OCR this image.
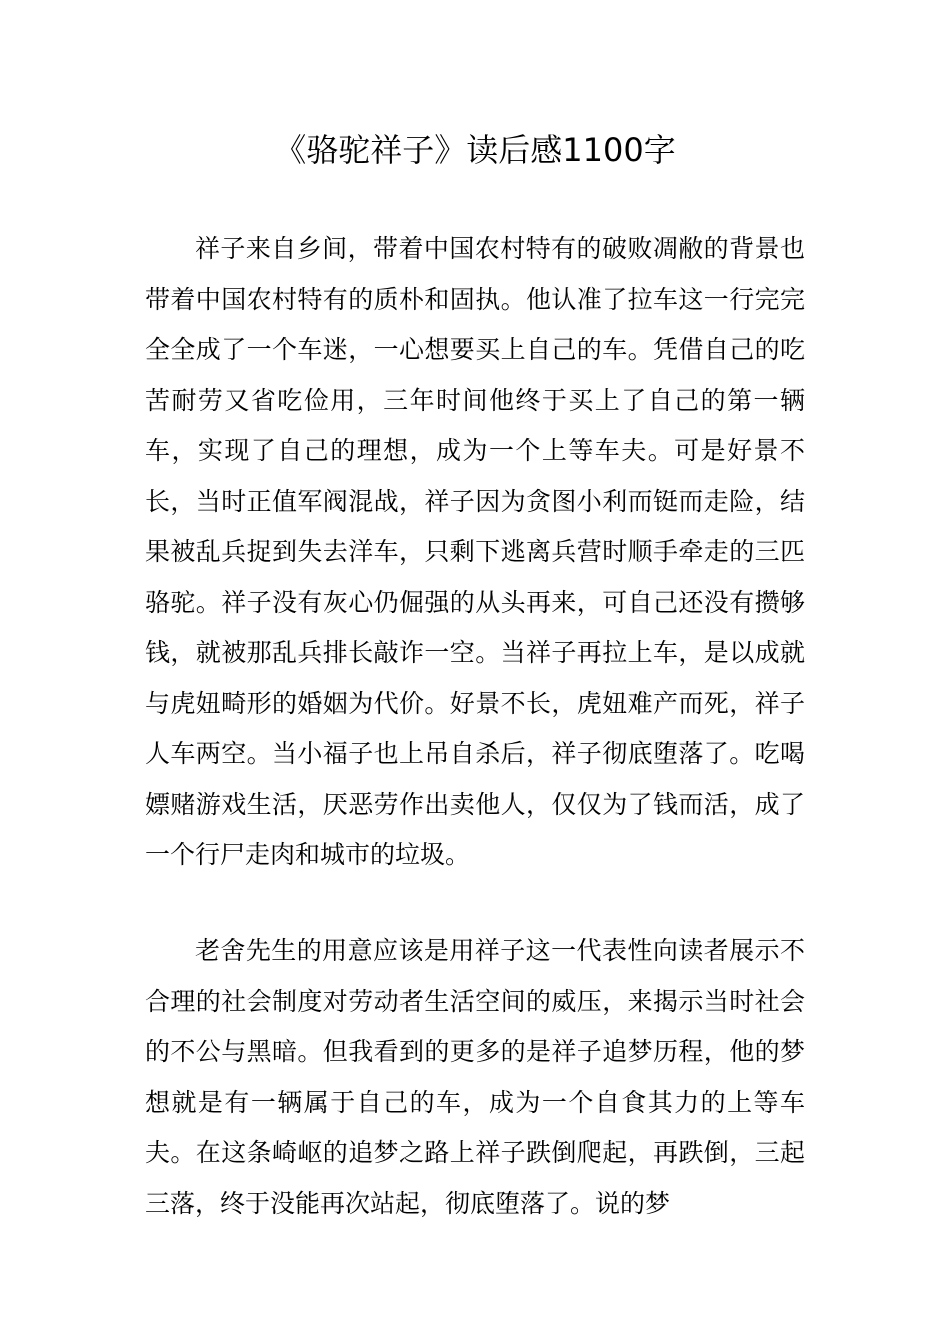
《骆驼祥子》读后感1100字

祥子来自乡间，带着中国农村特有的破败凋敝的背景也带着中国农村特有的质朴和固执。他认准了拉车这一行完完全全成了一个车迷，一心想要买上自己的车。凭借自己的吃苦耐劳又省吃俭用，三年时间他终于买上了自己的第一辆车，实现了自己的理想，成为一个上等车夫。可是好景不长，当时正值军阀混战，祥子因为贪图小利而铤而走险，结果被乱兵捉到失去洋车，只剩下逃离兵营时顺手牵走的三匹骆驼。祥子没有灰心仍倔强的从头再来，可自己还没有攒够钱，就被那乱兵排长敲诈一空。当祥子再拉上车，是以成就与虎妞畸形的婚姻为代价。好景不长，虎妞难产而死，祥子人车两空。当小福子也上吊自杀后，祥子彻底堕落了。吃喝嫖赌游戏生活，厌恶劳作出卖他人，仅仅为了钱而活，成了一个行尸走肉和城市的垃圾。

老舍先生的用意应该是用祥子这一代表性向读者展示不合理的社会制度对劳动者生活空间的威压，来揭示当时社会的不公与黑暗。但我看到的更多的是祥子追梦历程，他的梦想就是有一辆属于自己的车，成为一个自食其力的上等车夫。在这条崎岖的追梦之路上祥子跌倒爬起，再跌倒，三起三落，终于没能再次站起，彻底堕落了。说的梦
